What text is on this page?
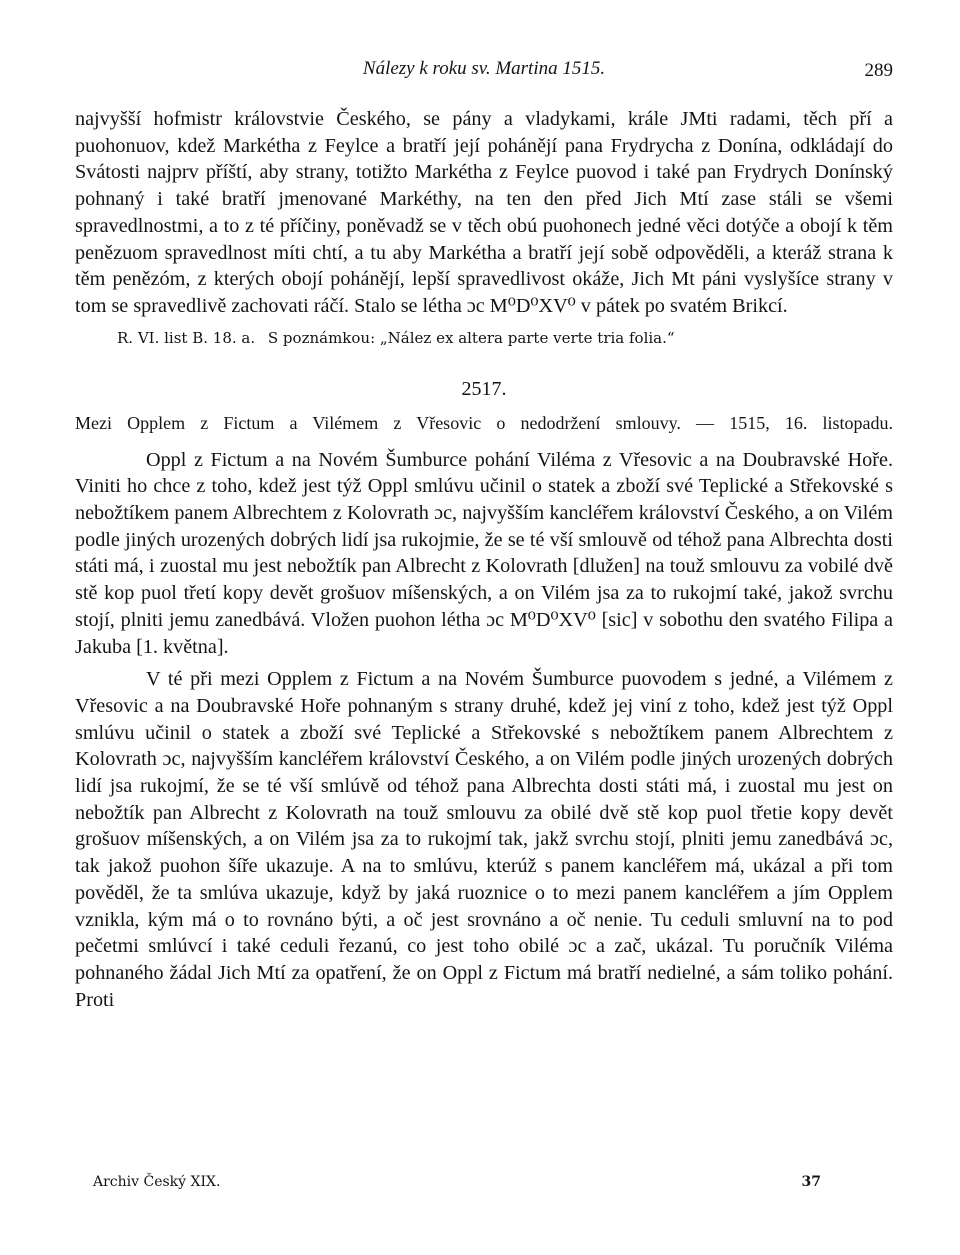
Nálezy k roku sv. Martina 1515.	289

najvyšší hofmistr královstvie Českého, se pány a vladykami, krále JMti radami, těch pří a puohonuov, kdež Markétha z Feylce a bratří její pohánějí pana Frydrycha z Donína, odkládají do Svátosti najprv příští, aby strany, totižto Markétha z Feylce puovod i také pan Frydrych Donínský pohnaný i také bratří jmenované Markéthy, na ten den před Jich Mtí zase stáli se všemi spravedlnostmi, a to z té příčiny, poněvadž se v těch obú puohonech jedné věci dotýče a obojí k těm penězuom spravedlnost míti chtí, a tu aby Markétha a bratří její sobě odpověděli, a kteráž strana k těm penězóm, z kterých obojí pohánějí, lepší spravedlivost okáže, Jich Mt páni vyslyšíce strany v tom se spravedlivě zachovati ráčí. Stalo se létha ɔc M⁰D⁰XV⁰ v pátek po svatém Brikcí.

R. VI. list B. 18. a. S poznámkou: „Nález ex altera parte verte tria folia.“
2517.
Mezi Opplem z Fictum a Vilémem z Vřesovic o nedodržení smlouvy. — 1515, 16. listopadu.

Oppl z Fictum a na Novém Šumburce pohání Viléma z Vřesovic a na Doubravské Hoře. Viniti ho chce z toho, kdež jest týž Oppl smlúvu učinil o statek a zboží své Teplické a Střekovské s nebožtíkem panem Albrechtem z Kolovrath ɔc, najvyšším kancléřem království Českého, a on Vilém podle jiných urozených dobrých lidí jsa rukojmie, že se té vší smlouvě od téhož pana Albrechta dosti státi má, i zuostal mu jest nebožtík pan Albrecht z Kolovrath [dlužen] na touž smlouvu za vobilé dvě stě kop puol třetí kopy devět grošuov míšenských, a on Vilém jsa za to rukojmí také, jakož svrchu stojí, plniti jemu zanedbává. Vložen puohon létha ɔc M⁰D⁰XV⁰ [sic] v sobothu den svatého Filipa a Jakuba [1. května].

V té při mezi Opplem z Fictum a na Novém Šumburce puovodem s jedné, a Vilémem z Vřesovic a na Doubravské Hoře pohnaným s strany druhé, kdež jej viní z toho, kdež jest týž Oppl smlúvu učinil o statek a zboží své Teplické a Střekovské s nebožtíkem panem Albrechtem z Kolovrath ɔc, najvyšším kancléřem království Českého, a on Vilém podle jiných urozených dobrých lidí jsa rukojmí, že se té vší smlúvě od téhož pana Albrechta dosti státi má, i zuostal mu jest on nebožtík pan Albrecht z Kolovrath na touž smlouvu za obilé dvě stě kop puol třetie kopy devět grošuov míšenských, a on Vilém jsa za to rukojmí tak, jakž svrchu stojí, plniti jemu zanedbává ɔc, tak jakož puohon šíře ukazuje. A na to smlúvu, kterúž s panem kancléřem má, ukázal a při tom pověděl, že ta smlúva ukazuje, když by jaká ruoznice o to mezi panem kancléřem a jím Opplem vznikla, kým má o to rovnáno býti, a oč jest srovnáno a oč nenie. Tu ceduli smluvní na to pod pečetmi smlúvcí i také ceduli řezanú, co jest toho obilé ɔc a zač, ukázal. Tu poručník Viléma pohnaného žádal Jich Mtí za opatření, že on Oppl z Fictum má bratří nedielné, a sám toliko pohání. Proti

Archiv Český XIX.	37
